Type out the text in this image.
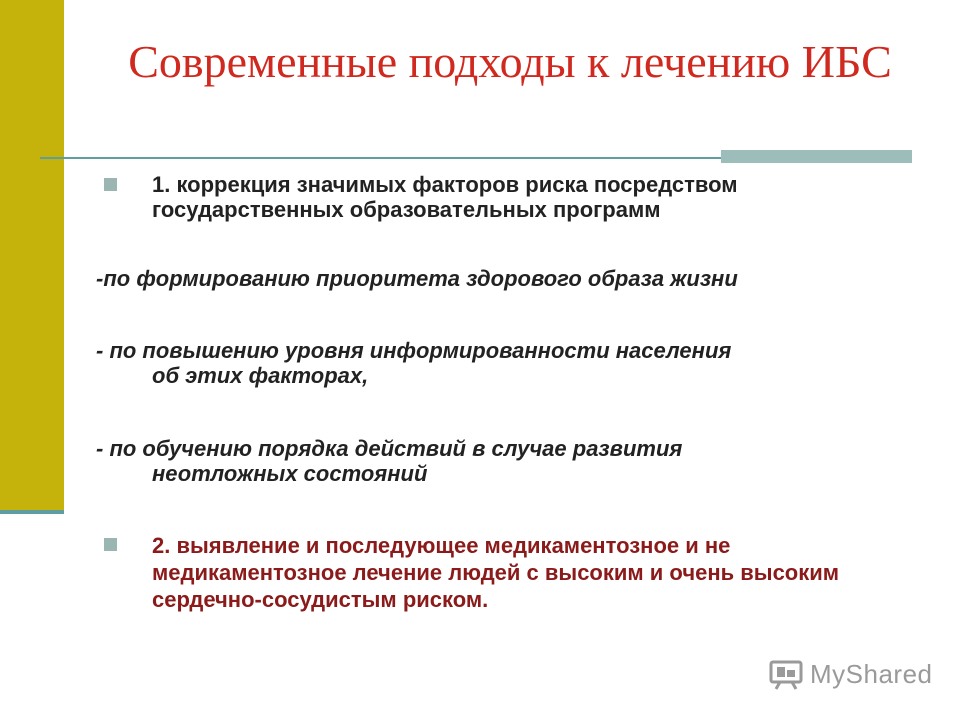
Современные подходы к лечению ИБС
1. коррекция значимых факторов риска посредством государственных образовательных программ
-по формированию приоритета здорового образа жизни
- по повышению уровня информированности населения
об этих факторах,
- по обучению порядка действий в случае развития
неотложных состояний
2. выявление и последующее медикаментозное и не медикаментозное лечение людей с высоким и очень высоким сердечно-сосудистым риском.
MyShared
